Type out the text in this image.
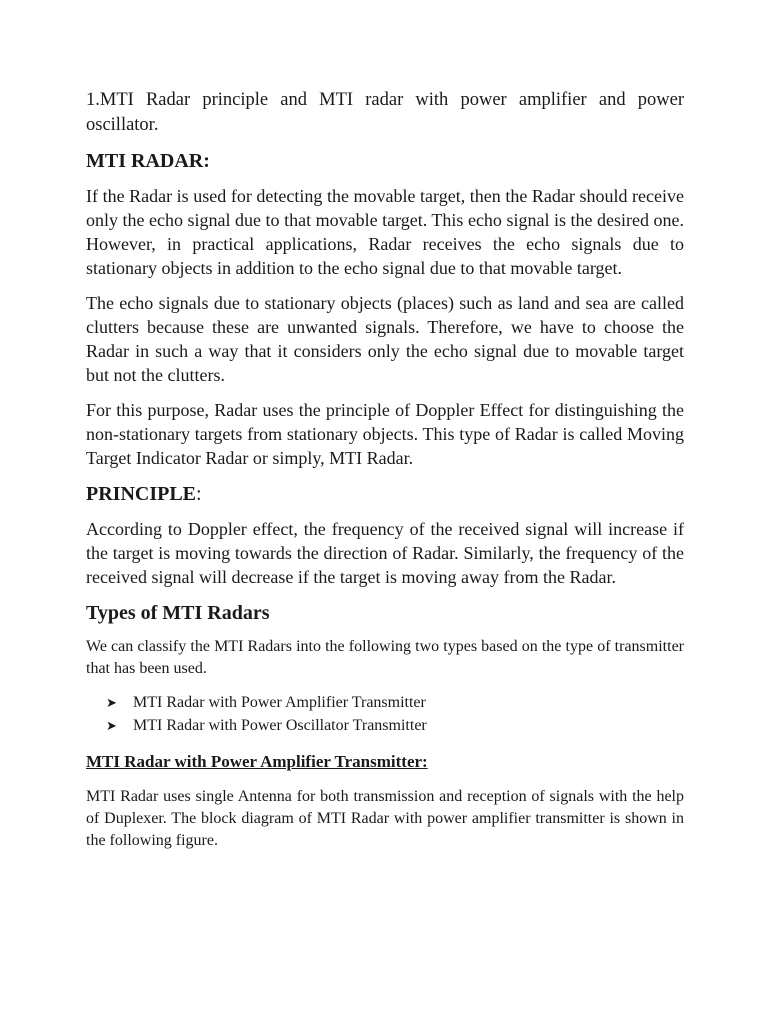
1.MTI Radar principle and MTI radar with power amplifier and power oscillator.

MTI RADAR:

If the Radar is used for detecting the movable target, then the Radar should receive only the echo signal due to that movable target. This echo signal is the desired one. However, in practical applications, Radar receives the echo signals due to stationary objects in addition to the echo signal due to that movable target.

The echo signals due to stationary objects (places) such as land and sea are called clutters because these are unwanted signals. Therefore, we have to choose the Radar in such a way that it considers only the echo signal due to movable target but not the clutters.

For this purpose, Radar uses the principle of Doppler Effect for distinguishing the non-stationary targets from stationary objects. This type of Radar is called Moving Target Indicator Radar or simply, MTI Radar.

PRINCIPLE:

According to Doppler effect, the frequency of the received signal will increase if the target is moving towards the direction of Radar. Similarly, the frequency of the received signal will decrease if the target is moving away from the Radar.

Types of MTI Radars

We can classify the MTI Radars into the following two types based on the type of transmitter that has been used.

➤	MTI Radar with Power Amplifier Transmitter
➤	MTI Radar with Power Oscillator Transmitter
MTI Radar with Power Amplifier Transmitter:

MTI Radar uses single Antenna for both transmission and reception of signals with the help of Duplexer. The block diagram of MTI Radar with power amplifier transmitter is shown in the following figure.
